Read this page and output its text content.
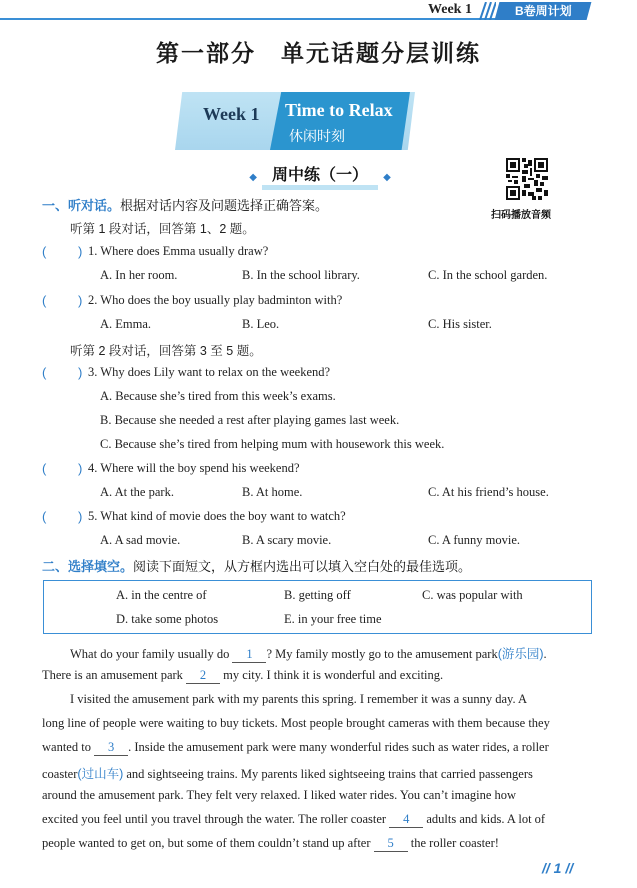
Week 1	B卷周计划
第一部分　单元话题分层训练
Week 1 Time to Relax
休闲时刻
◆ 周中练（一） ◆
扫码播放音频
一、听对话。根据对话内容及问题选择正确答案。
听第 1 段对话，回答第 1、2 题。
听第 2 段对话，回答第 3 至 5 题。
二、选择填空。阅读下面短文，从方框内选出可以填入空白处的最佳选项。
A. in the centre of	B. getting off	C. was popular with
D. take some photos	E. in your free time
What do your family usually do 1 ? My family mostly go to the amusement park(游乐园).
There is an amusement park 2 my city. I think it is wonderful and exciting.
I visited the amusement park with my parents this spring. I remember it was a sunny day. A
long line of people were waiting to buy tickets. Most people brought cameras with them because they
wanted to 3 . Inside the amusement park were many wonderful rides such as water rides, a roller
coaster(过山车) and sightseeing trains. My parents liked sightseeing trains that carried passengers
around the amusement park. They felt very relaxed. I liked water rides. You can’t imagine how
excited you feel until you travel through the water. The roller coaster 4 adults and kids. A lot of
people wanted to get on, but some of them couldn’t stand up after 5 the roller coaster!
// 1 //
( ) 1. Where does Emma usually draw?
A. In her room.	B. In the school library.	C. In the school garden.
( ) 2. Who does the boy usually play badminton with?
A. Emma.	B. Leo.	C. His sister.
( ) 3. Why does Lily want to relax on the weekend?
A. Because she’s tired from this week’s exams.
B. Because she needed a rest after playing games last week.
C. Because she’s tired from helping mum with housework this week.
( ) 4. Where will the boy spend his weekend?
A. At the park.	B. At home.	C. At his friend’s house.
( ) 5. What kind of movie does the boy want to watch?
A. A sad movie.	B. A scary movie.	C. A funny movie.
